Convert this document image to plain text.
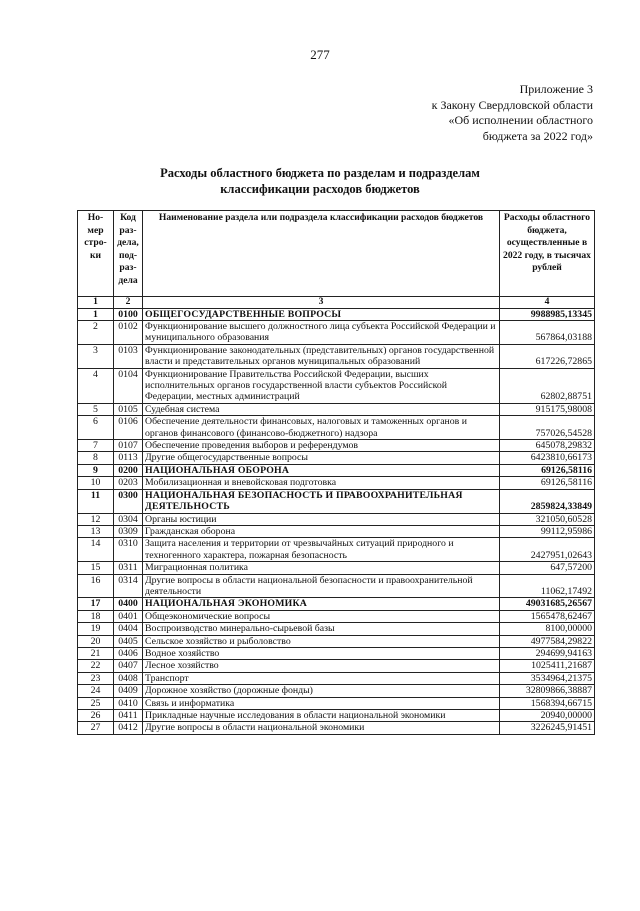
277
Приложение 3
к Закону Свердловской области
«Об исполнении областного
бюджета за 2022 год»
Расходы областного бюджета по разделам и подразделам
классификации расходов бюджетов
Но-мер стро-ки	Код раз-дела, под-раз-дела	Наименование раздела или подраздела классификации расходов бюджетов	Расходы областного бюджета, осуществленные в 2022 году, в тысячах рублей
1	2	3	4
1	0100	ОБЩЕГОСУДАРСТВЕННЫЕ ВОПРОСЫ	9988985,13345
2	0102	Функционирование высшего должностного лица субъекта Российской Федерации и муниципального образования	567864,03188
3	0103	Функционирование законодательных (представительных) органов государственной власти и представительных органов муниципальных образований	617226,72865
4	0104	Функционирование Правительства Российской Федерации, высших исполнительных органов государственной власти субъектов Российской Федерации, местных администраций	62802,88751
5	0105	Судебная система	915175,98008
6	0106	Обеспечение деятельности финансовых, налоговых и таможенных органов и органов финансового (финансово-бюджетного) надзора	757026,54528
7	0107	Обеспечение проведения выборов и референдумов	645078,29832
8	0113	Другие общегосударственные вопросы	6423810,66173
9	0200	НАЦИОНАЛЬНАЯ ОБОРОНА	69126,58116
10	0203	Мобилизационная и вневойсковая подготовка	69126,58116
11	0300	НАЦИОНАЛЬНАЯ БЕЗОПАСНОСТЬ И ПРАВООХРАНИТЕЛЬНАЯ ДЕЯТЕЛЬНОСТЬ	2859824,33849
12	0304	Органы юстиции	321050,60528
13	0309	Гражданская оборона	99112,95986
14	0310	Защита населения и территории от чрезвычайных ситуаций природного и техногенного характера, пожарная безопасность	2427951,02643
15	0311	Миграционная политика	647,57200
16	0314	Другие вопросы в области национальной безопасности и правоохранительной деятельности	11062,17492
17	0400	НАЦИОНАЛЬНАЯ ЭКОНОМИКА	49031685,26567
18	0401	Общеэкономические вопросы	1565478,62467
19	0404	Воспроизводство минерально-сырьевой базы	8100,00000
20	0405	Сельское хозяйство и рыболовство	4977584,29822
21	0406	Водное хозяйство	294699,94163
22	0407	Лесное хозяйство	1025411,21687
23	0408	Транспорт	3534964,21375
24	0409	Дорожное хозяйство (дорожные фонды)	32809866,38887
25	0410	Связь и информатика	1568394,66715
26	0411	Прикладные научные исследования в области национальной экономики	20940,00000
27	0412	Другие вопросы в области национальной экономики	3226245,91451
